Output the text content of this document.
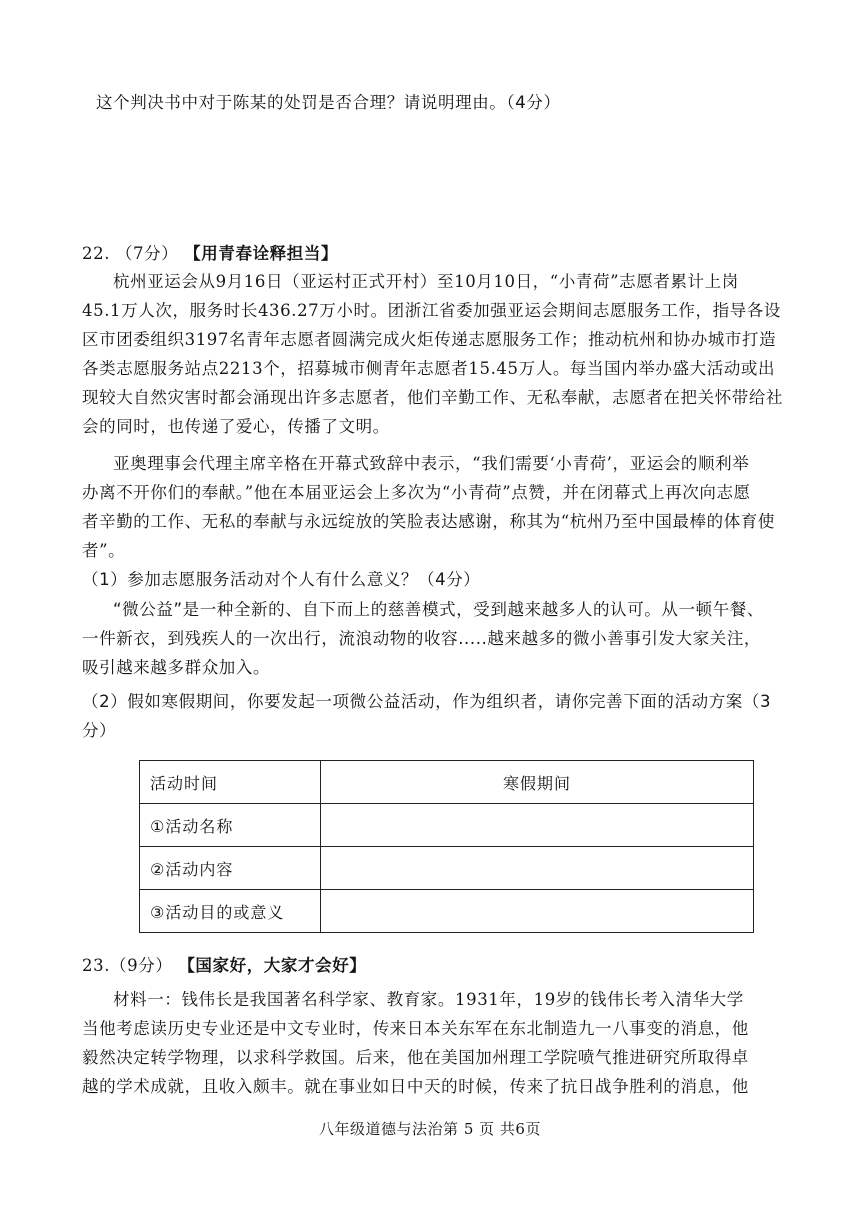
这个判决书中对于陈某的处罚是否合理？请说明理由。（4分）
22. （7分） 【用青春诠释担当】
杭州亚运会从9月16日（亚运村正式开村）至10月10日，“小青荷”志愿者累计上岗
45.1万人次，服务时长436.27万小时。团浙江省委加强亚运会期间志愿服务工作，指导各设
区市团委组织3197名青年志愿者圆满完成火炬传递志愿服务工作；推动杭州和协办城市打造
各类志愿服务站点2213个，招募城市侧青年志愿者15.45万人。每当国内举办盛大活动或出
现较大自然灾害时都会涌现出许多志愿者，他们辛勤工作、无私奉献，志愿者在把关怀带给社
会的同时，也传递了爱心，传播了文明。
亚奥理事会代理主席辛格在开幕式致辞中表示，“我们需要‘小青荷’，亚运会的顺利举
办离不开你们的奉献。”他在本届亚运会上多次为“小青荷”点赞，并在闭幕式上再次向志愿
者辛勤的工作、无私的奉献与永远绽放的笑脸表达感谢，称其为“杭州乃至中国最棒的体育使
者”。
（1）参加志愿服务活动对个人有什么意义？（4分）
“微公益”是一种全新的、自下而上的慈善模式，受到越来越多人的认可。从一顿午餐、
一件新衣，到残疾人的一次出行，流浪动物的收容.....越来越多的微小善事引发大家关注，
吸引越来越多群众加入。
（2）假如寒假期间，你要发起一项微公益活动，作为组织者，请你完善下面的活动方案（3
分）
活动时间	寒假期间
①活动名称	
②活动内容	
③活动目的或意义	
23.（9分） 【国家好，大家才会好】
材料一：钱伟长是我国著名科学家、教育家。1931年，19岁的钱伟长考入清华大学
当他考虑读历史专业还是中文专业时，传来日本关东军在东北制造九一八事变的消息，他
毅然决定转学物理，以求科学救国。后来，他在美国加州理工学院喷气推进研究所取得卓
越的学术成就，且收入颇丰。就在事业如日中天的时候，传来了抗日战争胜利的消息，他
八年级道德与法治第 5 页 共6页
